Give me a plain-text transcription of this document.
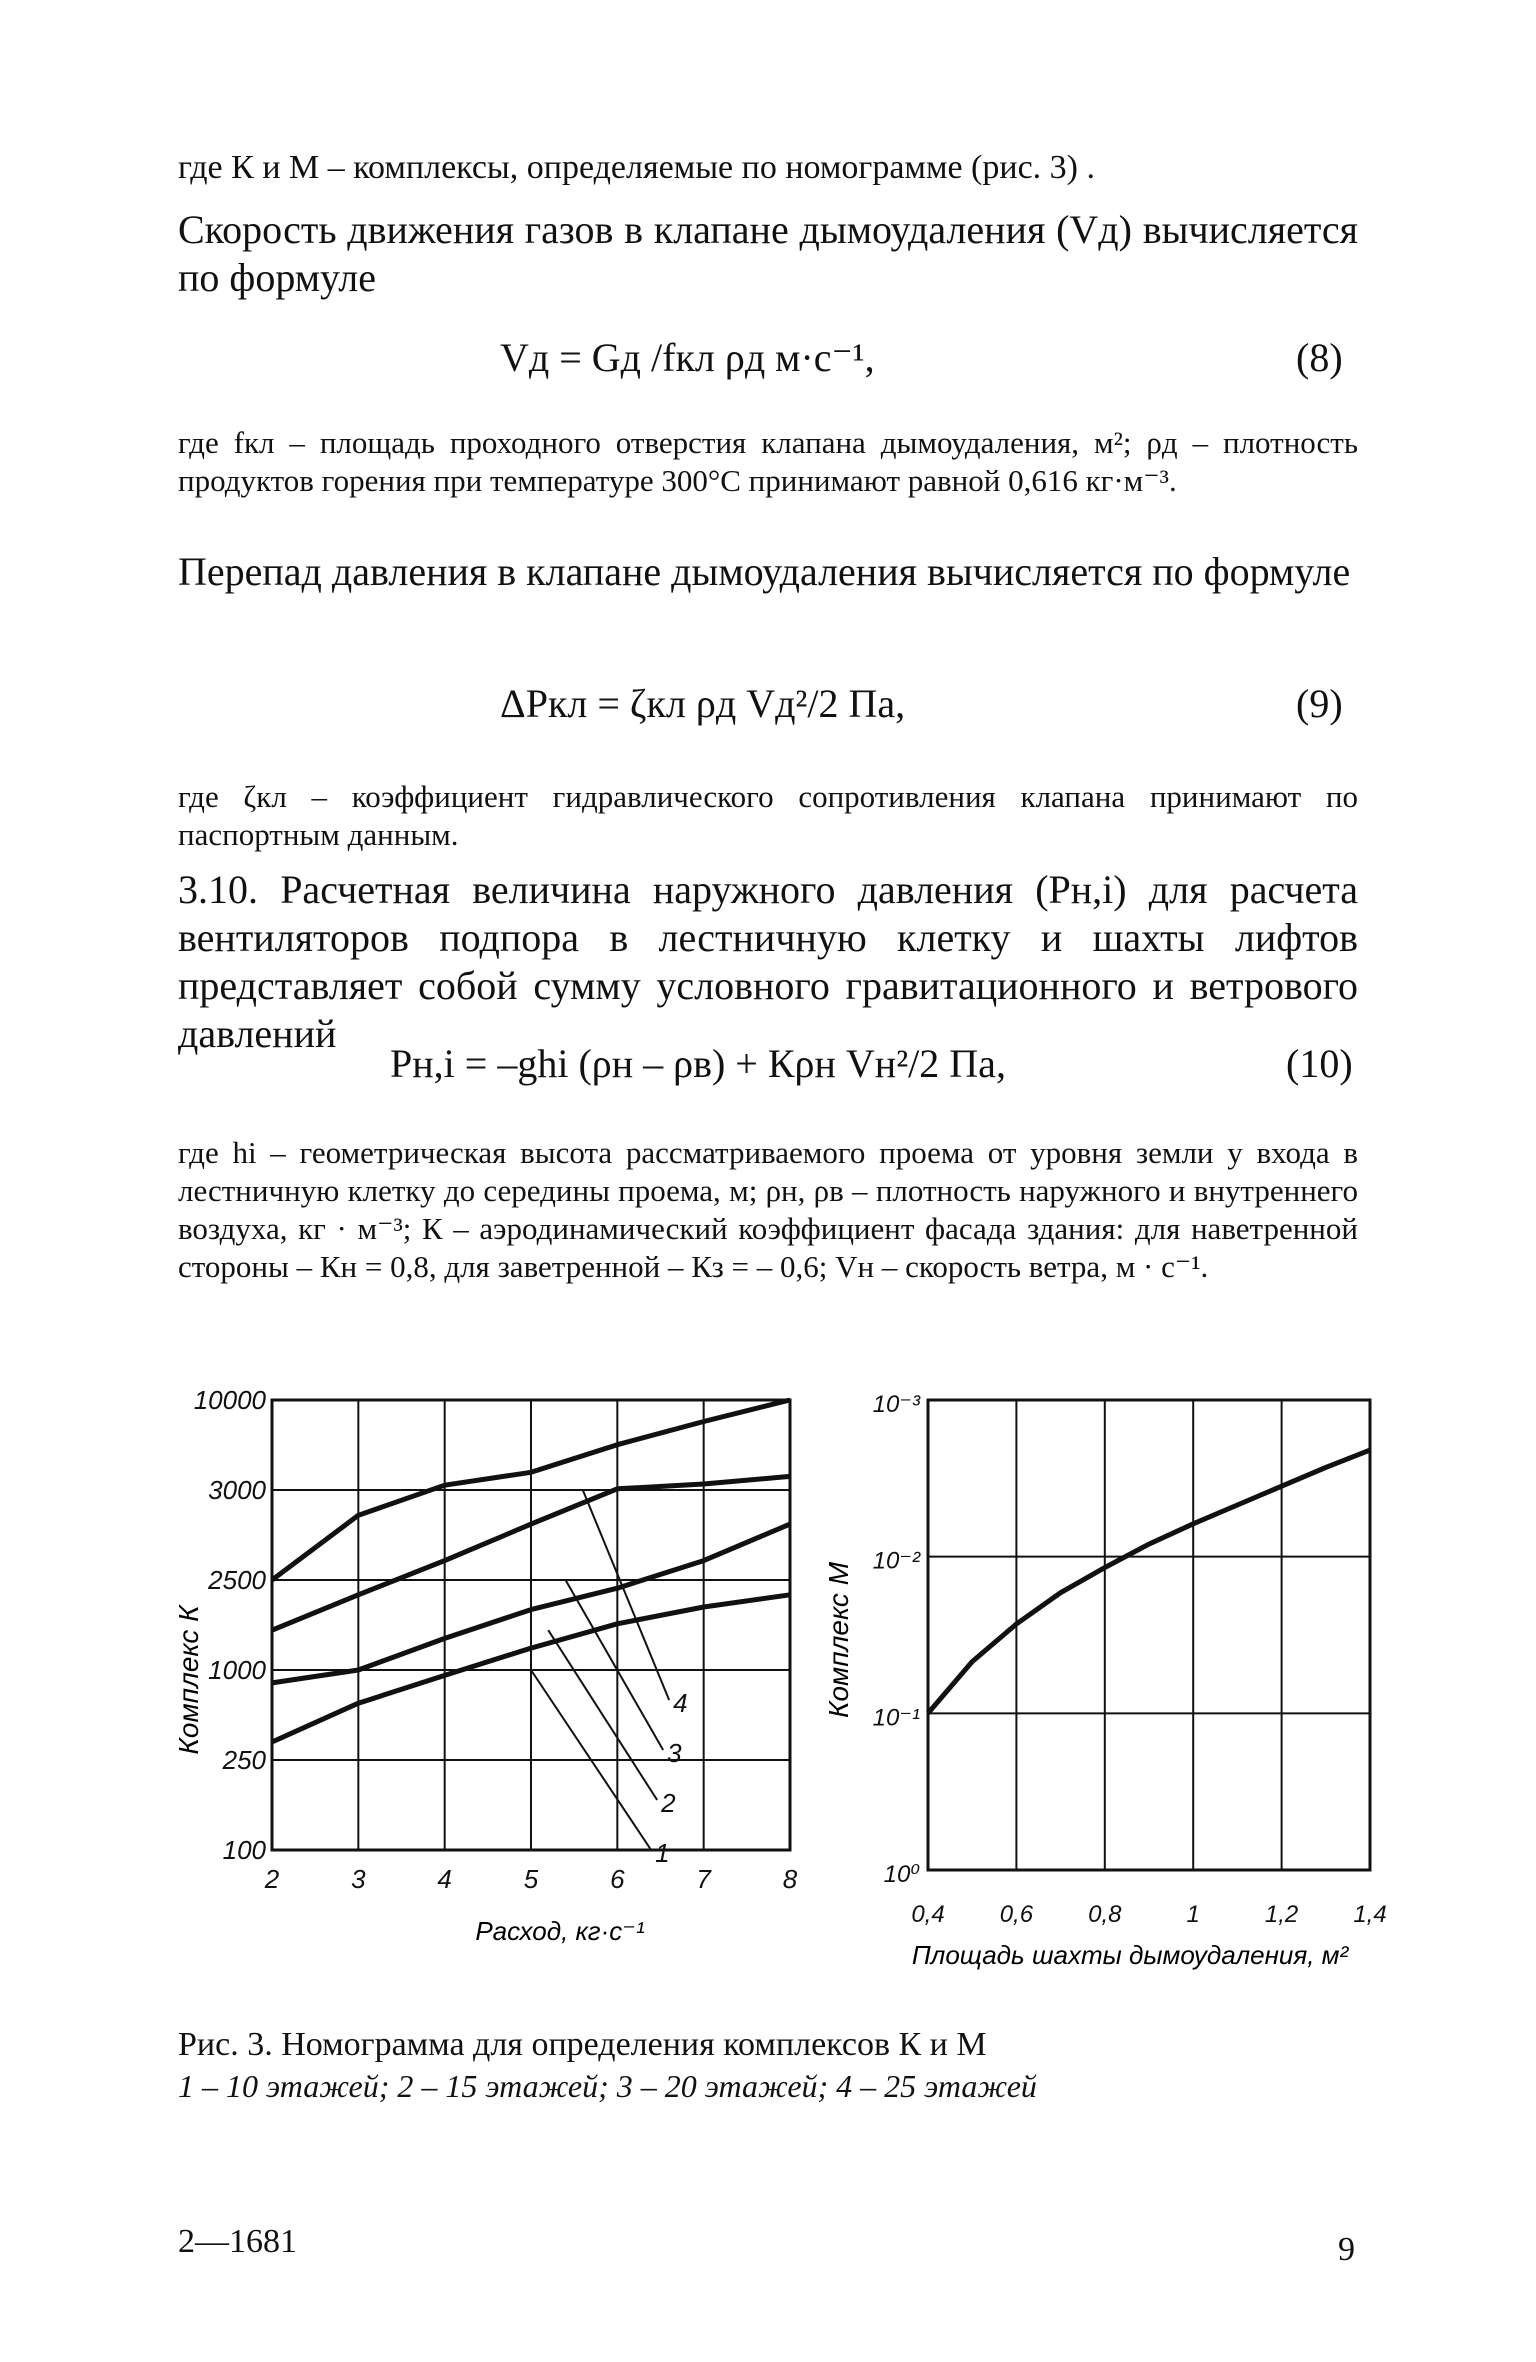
где К и М – комплексы, определяемые по номограмме (рис. 3) .
Скорость движения газов в клапане дымоудаления (Vд) вычисляется по формуле
Vд = Gд /fкл ρд м·с⁻¹,	(8)
где fкл – площадь проходного отверстия клапана дымоудаления, м²; ρд – плотность продуктов горения при температуре 300°С принимают равной 0,616 кг·м⁻³.
Перепад давления в клапане дымоудаления вычисляется по формуле
ΔPкл = ζкл ρд Vд²/2 Па,	(9)
где ζкл – коэффициент гидравлического сопротивления клапана принимают по паспортным данным.
3.10. Расчетная величина наружного давления (Pн,i) для расчета вентиляторов подпора в лестничную клетку и шахты лифтов представляет собой сумму условного гравитационного и ветрового давлений
Pн,i = –ghi (ρн – ρв) + Кρн Vн²/2 Па,	(10)
где hi – геометрическая высота рассматриваемого проема от уровня земли у входа в лестничную клетку до середины проема, м; ρн, ρв – плотность наружного и внутреннего воздуха, кг · м⁻³; К – аэродинамический коэффициент фасада здания: для наветренной стороны – Кн = 0,8, для заветренной – Кз = – 0,6; Vн – скорость ветра, м · с⁻¹.
4
3
2
1
10000
3000
2500
1000
250
100
2	3	4	5	6	7	8
Комплекс К
Расход, кг·с⁻¹
10⁻³
10⁻²
10⁻¹
10⁰
0,4 0,6 0,8	1	1,2 1,4
Комплекс М
Площадь шахты дымоудаления, м²
Рис. 3. Номограмма для определения комплексов К и М
1 – 10 этажей; 2 – 15 этажей; 3 – 20 этажей; 4 – 25 этажей
2—1681	9
